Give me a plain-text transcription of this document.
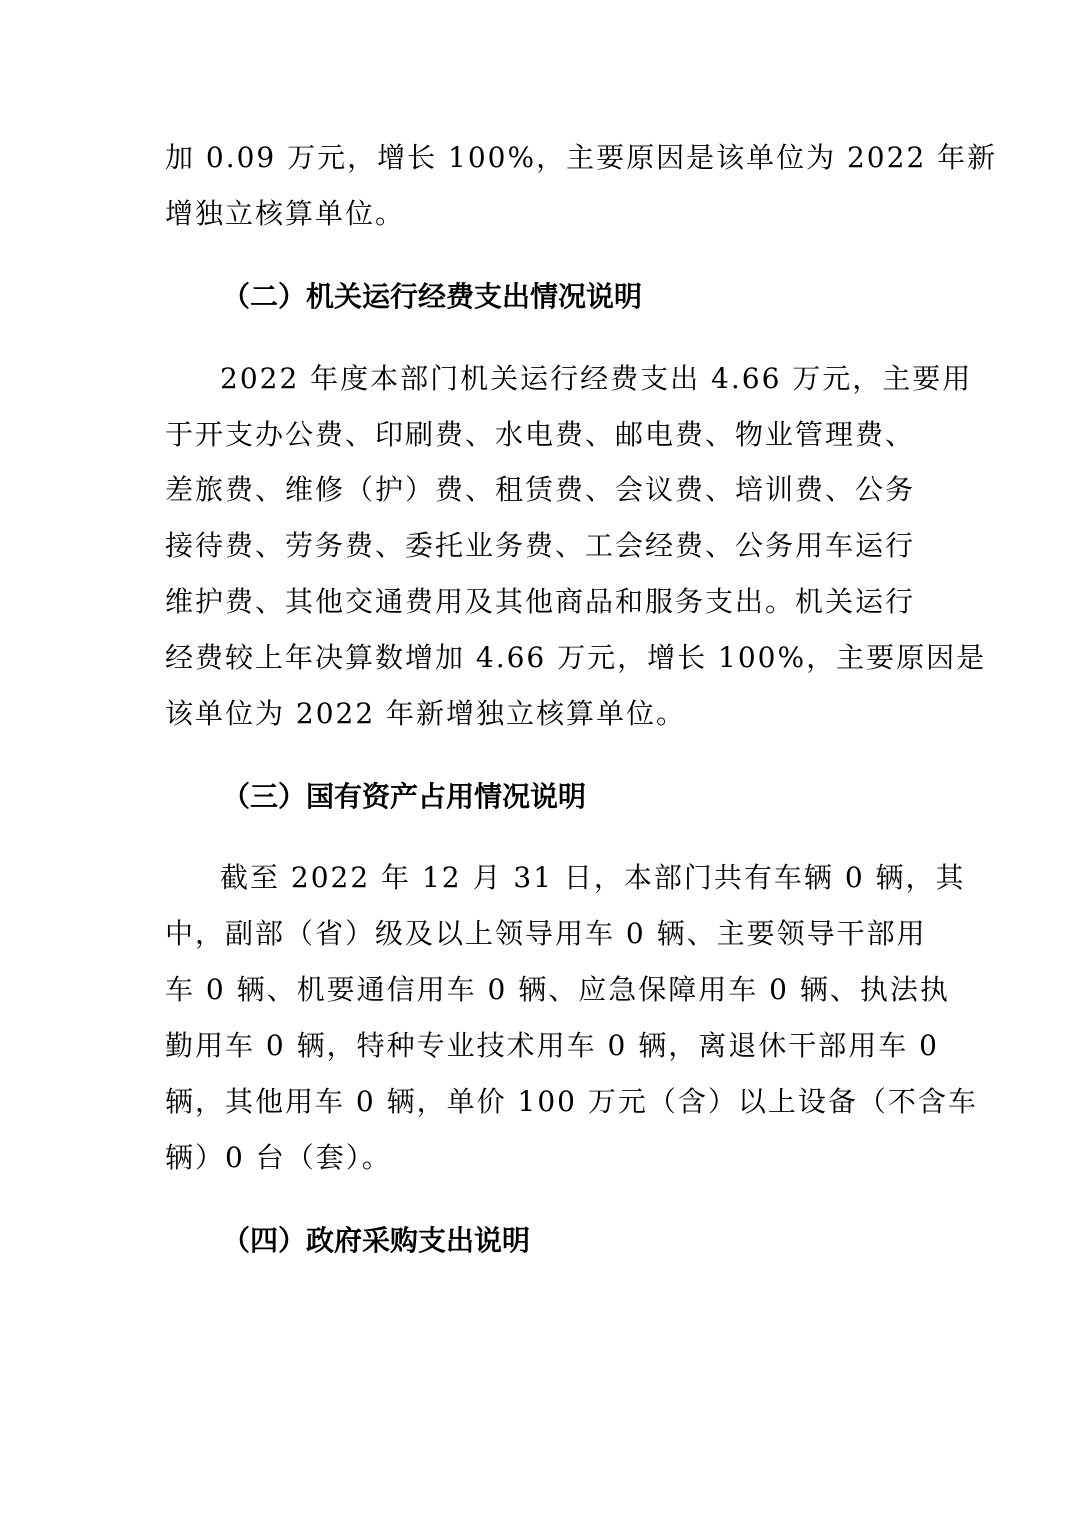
加 0.09 万元，增长 100%，主要原因是该单位为 2022 年新
增独立核算单位。
（二）机关运行经费支出情况说明
2022 年度本部门机关运行经费支出 4.66 万元，主要用
于开支办公费、印刷费、水电费、邮电费、物业管理费、
差旅费、维修（护）费、租赁费、会议费、培训费、公务
接待费、劳务费、委托业务费、工会经费、公务用车运行
维护费、其他交通费用及其他商品和服务支出。机关运行
经费较上年决算数增加 4.66 万元，增长 100%，主要原因是
该单位为 2022 年新增独立核算单位。
（三）国有资产占用情况说明
截至 2022 年 12 月 31 日，本部门共有车辆 0 辆，其
中，副部（省）级及以上领导用车 0 辆、主要领导干部用
车 0 辆、机要通信用车 0 辆、应急保障用车 0 辆、执法执
勤用车 0 辆，特种专业技术用车 0 辆，离退休干部用车 0
辆，其他用车 0 辆，单价 100 万元（含）以上设备（不含车
辆）0 台（套）。
（四）政府采购支出说明
